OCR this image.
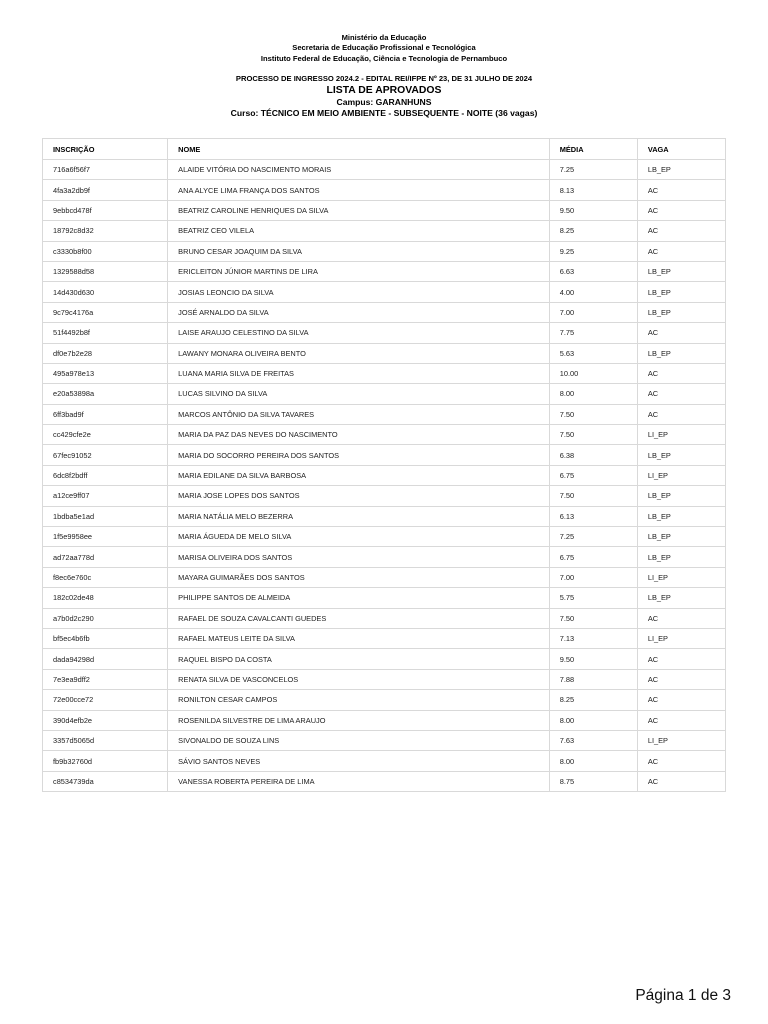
Ministério da Educação
Secretaria de Educação Profissional e Tecnológica
Instituto Federal de Educação, Ciência e Tecnologia de Pernambuco
PROCESSO DE INGRESSO 2024.2 - EDITAL REI/IFPE Nº 23, DE 31 JULHO DE 2024
LISTA DE APROVADOS
Campus: GARANHUNS
Curso: TÉCNICO EM MEIO AMBIENTE - SUBSEQUENTE - NOITE (36 vagas)
INSCRIÇÃO	NOME	MÉDIA	VAGA
716a6f56f7	ALAIDE VITÓRIA DO NASCIMENTO MORAIS	7.25	LB_EP
4fa3a2db9f	ANA ALYCE LIMA FRANÇA DOS SANTOS	8.13	AC
9ebbcd478f	BEATRIZ CAROLINE HENRIQUES DA SILVA	9.50	AC
18792c8d32	BEATRIZ CEO VILELA	8.25	AC
c3330b8f00	BRUNO CESAR JOAQUIM DA SILVA	9.25	AC
1329588d58	ERICLEITON JÚNIOR MARTINS DE LIRA	6.63	LB_EP
14d430d630	JOSIAS LEONCIO DA SILVA	4.00	LB_EP
9c79c4176a	JOSÉ ARNALDO DA SILVA	7.00	LB_EP
51f4492b8f	LAISE ARAUJO CELESTINO DA SILVA	7.75	AC
df0e7b2e28	LAWANY MONARA OLIVEIRA BENTO	5.63	LB_EP
495a978e13	LUANA MARIA SILVA DE FREITAS	10.00	AC
e20a53898a	LUCAS SILVINO DA SILVA	8.00	AC
6ff3bad9f	MARCOS ANTÔNIO DA SILVA TAVARES	7.50	AC
cc429cfe2e	MARIA DA PAZ DAS NEVES DO NASCIMENTO	7.50	LI_EP
67fec91052	MARIA DO SOCORRO PEREIRA DOS SANTOS	6.38	LB_EP
6dc8f2bdff	MARIA EDILANE DA SILVA BARBOSA	6.75	LI_EP
a12ce9ff07	MARIA JOSE LOPES DOS SANTOS	7.50	LB_EP
1bdba5e1ad	MARIA NATÁLIA MELO BEZERRA	6.13	LB_EP
1f5e9958ee	MARIA ÁGUEDA DE MELO SILVA	7.25	LB_EP
ad72aa778d	MARISA OLIVEIRA DOS SANTOS	6.75	LB_EP
f8ec6e760c	MAYARA GUIMARÃES DOS SANTOS	7.00	LI_EP
182c02de48	PHILIPPE SANTOS DE ALMEIDA	5.75	LB_EP
a7b0d2c290	RAFAEL DE SOUZA CAVALCANTI GUEDES	7.50	AC
bf5ec4b6fb	RAFAEL MATEUS LEITE DA SILVA	7.13	LI_EP
dada94298d	RAQUEL BISPO DA COSTA	9.50	AC
7e3ea9dff2	RENATA SILVA DE VASCONCELOS	7.88	AC
72e00cce72	RONILTON CESAR CAMPOS	8.25	AC
390d4efb2e	ROSENILDA SILVESTRE DE LIMA ARAUJO	8.00	AC
3357d5065d	SIVONALDO DE SOUZA LINS	7.63	LI_EP
fb9b32760d	SÁVIO SANTOS NEVES	8.00	AC
c8534739da	VANESSA ROBERTA PEREIRA DE LIMA	8.75	AC
Página 1 de 3
